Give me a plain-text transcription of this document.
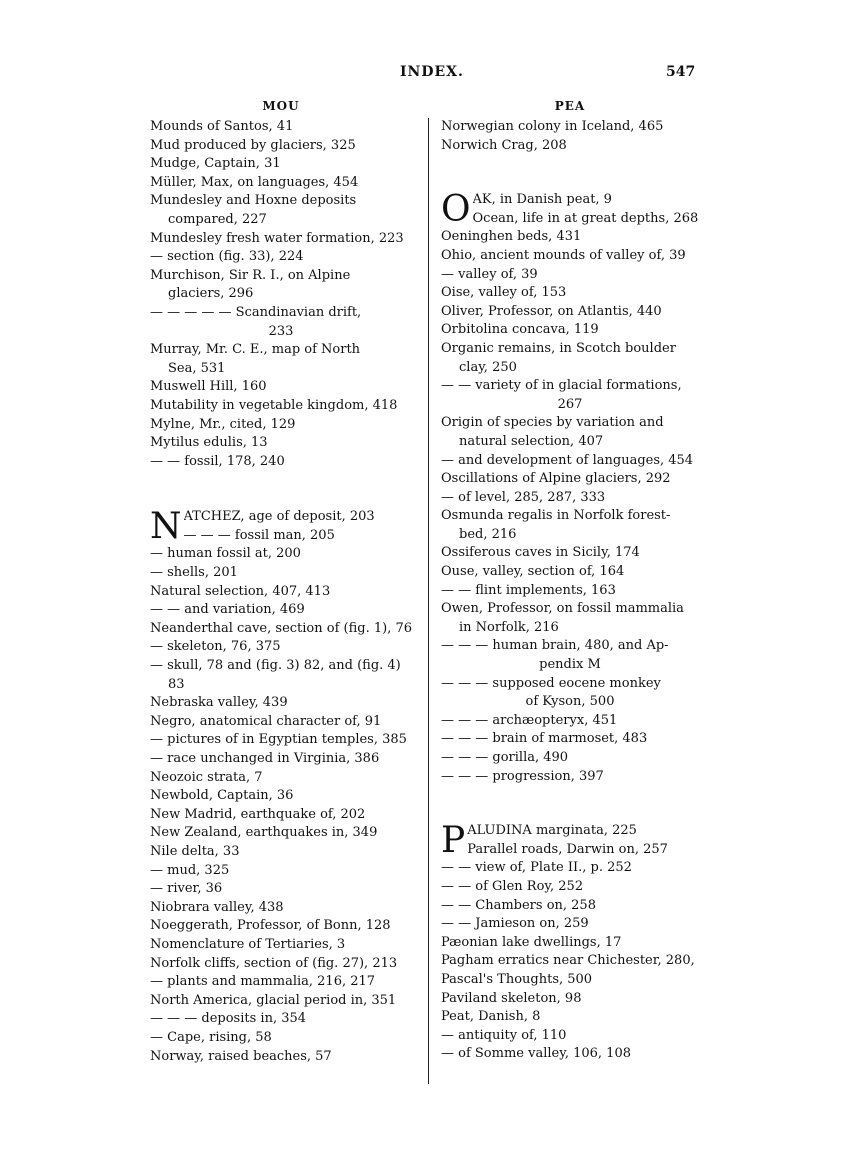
INDEX.	547
MOU
Mounds of Santos, 41
Mud produced by glaciers, 325
Mudge, Captain, 31
Müller, Max, on languages, 454
Mundesley and Hoxne deposits
compared, 227
Mundesley fresh water formation, 223
— section (fig. 33), 224
Murchison, Sir R. I., on Alpine
glaciers, 296
— — — — — Scandinavian drift,
233
Murray, Mr. C. E., map of North
Sea, 531
Muswell Hill, 160
Mutability in vegetable kingdom, 418
Mylne, Mr., cited, 129
Mytilus edulis, 13
— — fossil, 178, 240
N ATCHEZ, age of deposit, 203
— — — fossil man, 205
— human fossil at, 200
— shells, 201
Natural selection, 407, 413
— — and variation, 469
Neanderthal cave, section of (fig. 1), 76
— skeleton, 76, 375
— skull, 78 and (fig. 3) 82, and (fig. 4)
83
Nebraska valley, 439
Negro, anatomical character of, 91
— pictures of in Egyptian temples, 385
— race unchanged in Virginia, 386
Neozoic strata, 7
Newbold, Captain, 36
New Madrid, earthquake of, 202
New Zealand, earthquakes in, 349
Nile delta, 33
— mud, 325
— river, 36
Niobrara valley, 438
Noeggerath, Professor, of Bonn, 128
Nomenclature of Tertiaries, 3
Norfolk cliffs, section of (fig. 27), 213
— plants and mammalia, 216, 217
North America, glacial period in, 351
— — — deposits in, 354
— Cape, rising, 58
Norway, raised beaches, 57
PEA
Norwegian colony in Iceland, 465
Norwich Crag, 208
O AK, in Danish peat, 9
Ocean, life in at great depths, 268
Oeninghen beds, 431
Ohio, ancient mounds of valley of, 39
— valley of, 39
Oise, valley of, 153
Oliver, Professor, on Atlantis, 440
Orbitolina concava, 119
Organic remains, in Scotch boulder
clay, 250
— — variety of in glacial formations,
267
Origin of species by variation and
natural selection, 407
— and development of languages, 454
Oscillations of Alpine glaciers, 292
— of level, 285, 287, 333
Osmunda regalis in Norfolk forest-
bed, 216
Ossiferous caves in Sicily, 174
Ouse, valley, section of, 164
— — flint implements, 163
Owen, Professor, on fossil mammalia
in Norfolk, 216
— — — human brain, 480, and Ap-
pendix M
— — — supposed eocene monkey
of Kyson, 500
— — — archæopteryx, 451
— — — brain of marmoset, 483
— — — gorilla, 490
— — — progression, 397
P ALUDINA marginata, 225
Parallel roads, Darwin on, 257
— — view of, Plate II., p. 252
— — of Glen Roy, 252
— — Chambers on, 258
— — Jamieson on, 259
Pæonian lake dwellings, 17
Pagham erratics near Chichester, 280,
Pascal's Thoughts, 500
Paviland skeleton, 98
Peat, Danish, 8
— antiquity of, 110
— of Somme valley, 106, 108
